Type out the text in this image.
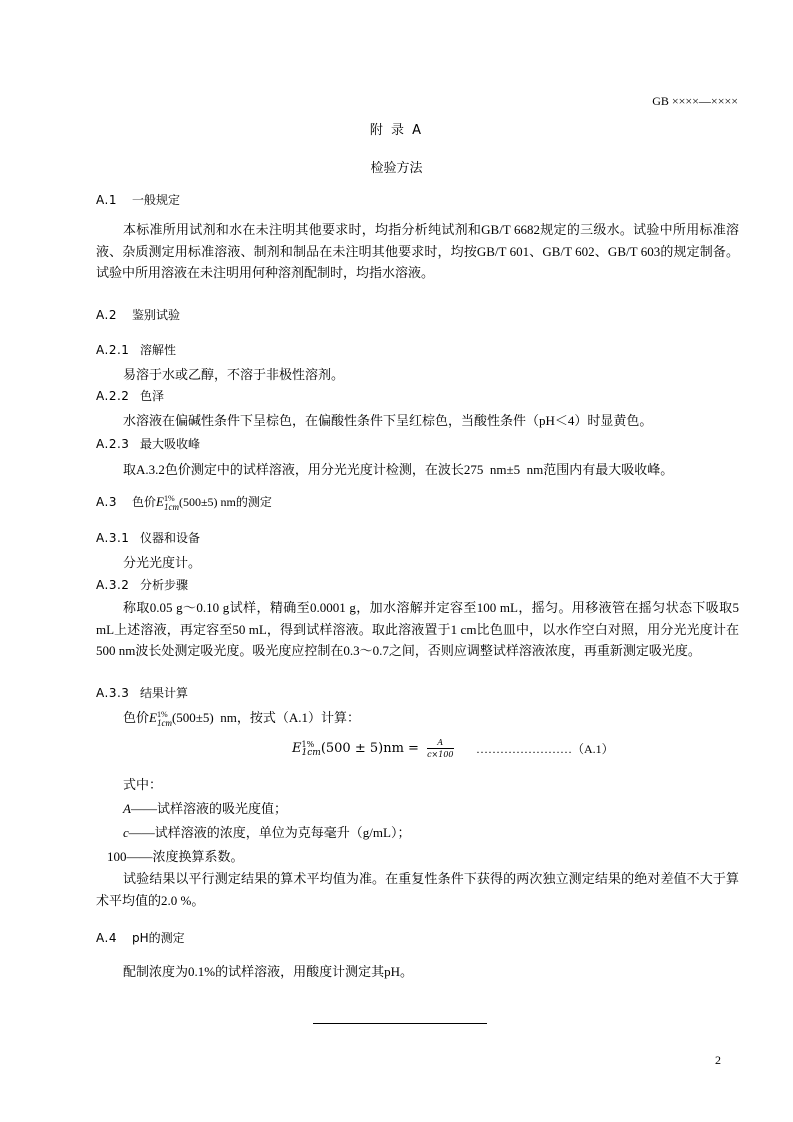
GB ××××—××××
附 录 A
检验方法
A.1 一般规定
本标准所用试剂和水在未注明其他要求时，均指分析纯试剂和GB/T 6682规定的三级水。试验中所用标准溶液、杂质测定用标准溶液、制剂和制品在未注明其他要求时，均按GB/T 601、GB/T 602、GB/T 603的规定制备。试验中所用溶液在未注明用何种溶剂配制时，均指水溶液。
A.2 鉴别试验
A.2.1 溶解性
易溶于水或乙醇，不溶于非极性溶剂。
A.2.2 色泽
水溶液在偏碱性条件下呈棕色，在偏酸性条件下呈红棕色，当酸性条件（pH＜4）时显黄色。
A.2.3 最大吸收峰
取A.3.2色价测定中的试样溶液，用分光光度计检测，在波长275  nm±5  nm范围内有最大吸收峰。
A.3 色价E 1%
1cm (500±5) nm的测定
A.3.1 仪器和设备
分光光度计。
A.3.2 分析步骤
称取0.05 g～0.10 g试样，精确至0.0001 g，加水溶解并定容至100 mL，摇匀。用移液管在摇匀状态下吸取5 mL上述溶液，再定容至50 mL，得到试样溶液。取此溶液置于1 cm比色皿中，以水作空白对照，用分光光度计在500 nm波长处测定吸光度。吸光度应控制在0.3～0.7之间，否则应调整试样溶液浓度，再重新测定吸光度。
A.3.3 结果计算
色价E 1%
1cm (500±5)  nm，按式（A.1）计算：
E 1%
1cm $(500 \pm 5)nm = \frac{A}{c\times 100}$ ……………………（A.1）
式中：
A——试样溶液的吸光度值；
c——试样溶液的浓度，单位为克每毫升（g/mL）；
100——浓度换算系数。
试验结果以平行测定结果的算术平均值为准。在重复性条件下获得的两次独立测定结果的绝对差值不大于算术平均值的2.0 %。
A.4 pH的测定
配制浓度为0.1%的试样溶液，用酸度计测定其pH。
2
